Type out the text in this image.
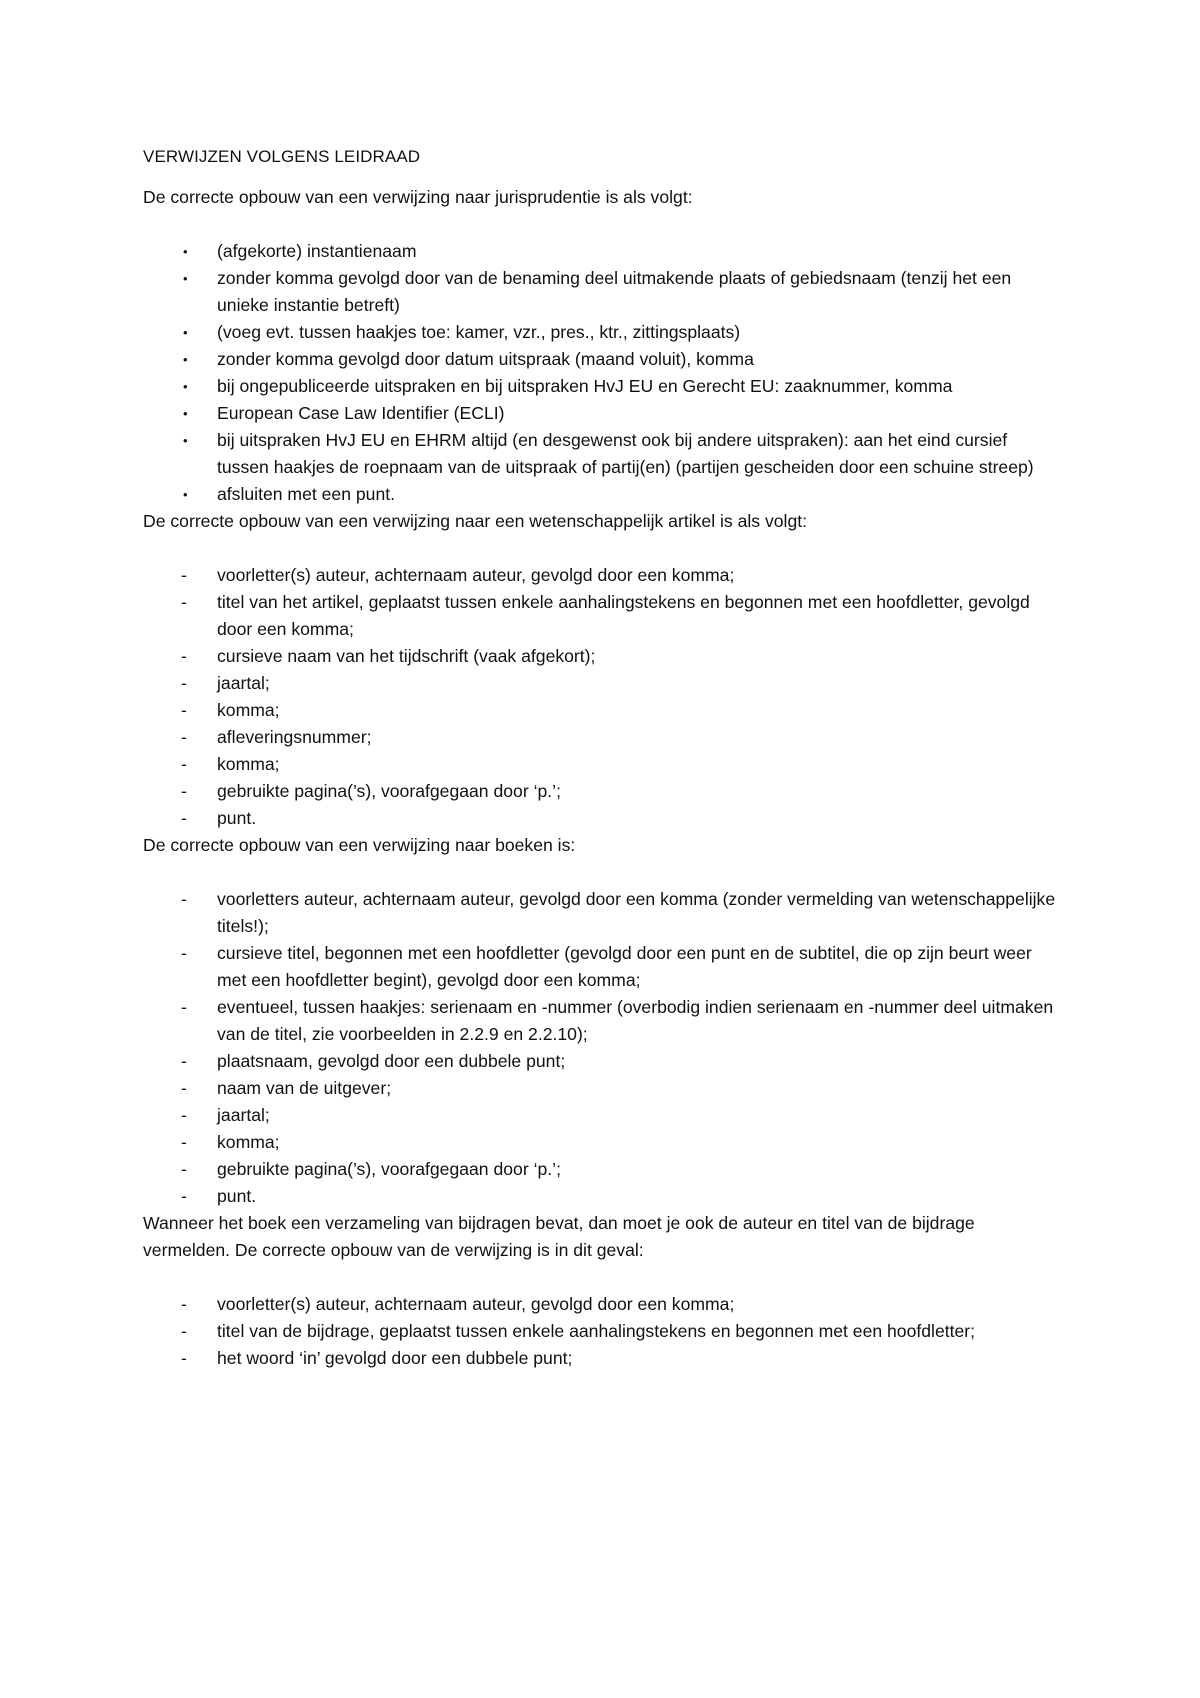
VERWIJZEN VOLGENS LEIDRAAD

De correcte opbouw van een verwijzing naar jurisprudentie is als volgt:

•	(afgekorte) instantienaam
•	zonder komma gevolgd door van de benaming deel uitmakende plaats of gebiedsnaam (tenzij het een unieke instantie betreft)
•	(voeg evt. tussen haakjes toe: kamer, vzr., pres., ktr., zittingsplaats)
•	zonder komma gevolgd door datum uitspraak (maand voluit), komma
•	bij ongepubliceerde uitspraken en bij uitspraken HvJ EU en Gerecht EU: zaaknummer, komma
•	European Case Law Identifier (ECLI)
•	bij uitspraken HvJ EU en EHRM altijd (en desgewenst ook bij andere uitspraken): aan het eind cursief tussen haakjes de roepnaam van de uitspraak of partij(en) (partijen gescheiden door een schuine streep)
•	afsluiten met een punt.

De correcte opbouw van een verwijzing naar een wetenschappelijk artikel is als volgt:

-	voorletter(s) auteur, achternaam auteur, gevolgd door een komma;
-	titel van het artikel, geplaatst tussen enkele aanhalingstekens en begonnen met een hoofdletter, gevolgd door een komma;
-	cursieve naam van het tijdschrift (vaak afgekort);
-	jaartal;
-	komma;
-	afleveringsnummer;
-	komma;
-	gebruikte pagina(’s), voorafgegaan door ‘p.’;
-	punt.

De correcte opbouw van een verwijzing naar boeken is:

-	voorletters auteur, achternaam auteur, gevolgd door een komma (zonder vermelding van wetenschappelijke titels!);
-	cursieve titel, begonnen met een hoofdletter (gevolgd door een punt en de subtitel, die op zijn beurt weer met een hoofdletter begint), gevolgd door een komma;
-	eventueel, tussen haakjes: serienaam en -nummer (overbodig indien serienaam en -nummer deel uitmaken van de titel, zie voorbeelden in 2.2.9 en 2.2.10);
-	plaatsnaam, gevolgd door een dubbele punt;
-	naam van de uitgever;
-	jaartal;
-	komma;
-	gebruikte pagina(’s), voorafgegaan door ‘p.’;
-	punt.

Wanneer het boek een verzameling van bijdragen bevat, dan moet je ook de auteur en titel van de bijdrage vermelden. De correcte opbouw van de verwijzing is in dit geval:

-	voorletter(s) auteur, achternaam auteur, gevolgd door een komma;
-	titel van de bijdrage, geplaatst tussen enkele aanhalingstekens en begonnen met een hoofdletter;
-	het woord ‘in’ gevolgd door een dubbele punt;
